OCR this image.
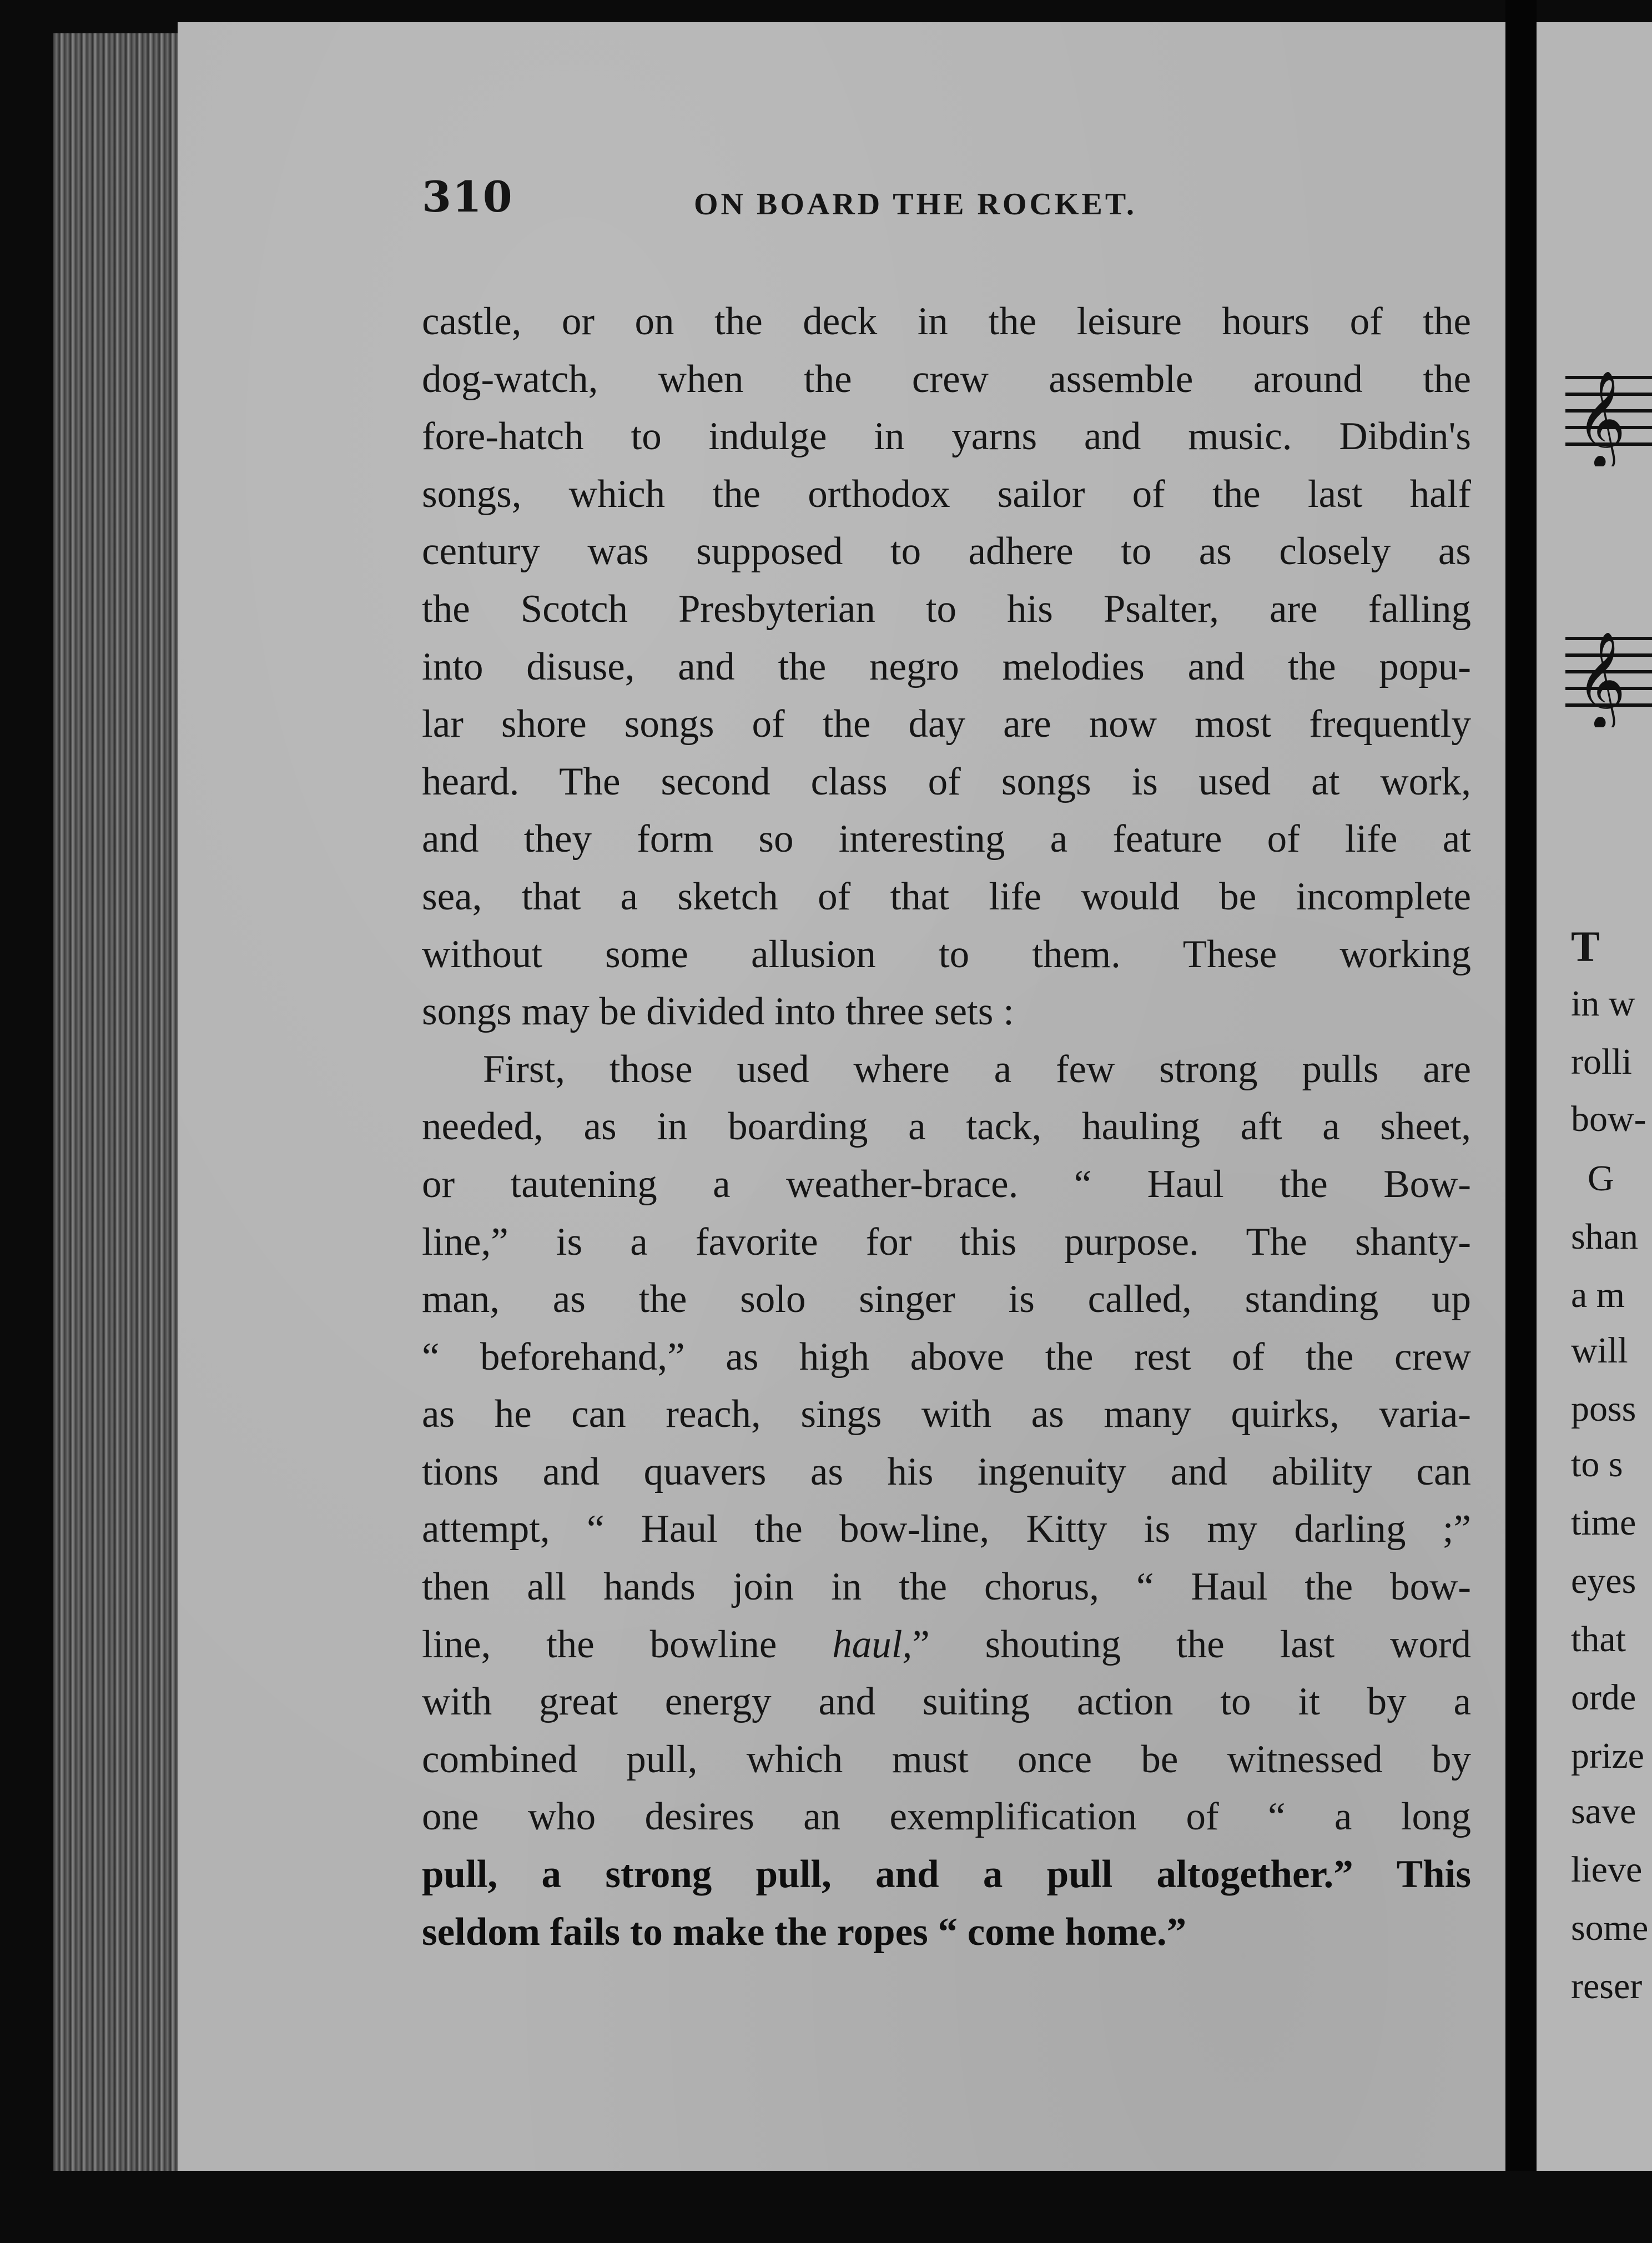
310	ON BOARD THE ROCKET.
castle, or on the deck in the leisure hours of the
dog-watch, when the crew assemble around the
fore-hatch to indulge in yarns and music. Dibdin's
songs, which the orthodox sailor of the last half
century was supposed to adhere to as closely as
the Scotch Presbyterian to his Psalter, are falling
into disuse, and the negro melodies and the popu-
lar shore songs of the day are now most frequently
heard. The second class of songs is used at work,
and they form so interesting a feature of life at
sea, that a sketch of that life would be incomplete
without some allusion to them. These working
songs may be divided into three sets :
First, those used where a few strong pulls are
needed, as in boarding a tack, hauling aft a sheet,
or tautening a weather-brace. “ Haul the Bow-
line,” is a favorite for this purpose. The shanty-
man, as the solo singer is called, standing up
“ beforehand,” as high above the rest of the crew
as he can reach, sings with as many quirks, varia-
tions and quavers as his ingenuity and ability can
attempt, “ Haul the bow-line, Kitty is my darling ;”
then all hands join in the chorus, “ Haul the bow-
line, the bowline haul,” shouting the last word
with great energy and suiting action to it by a
combined pull, which must once be witnessed by
one who desires an exemplification of “ a long
pull, a strong pull, and a pull altogether.” This
seldom fails to make the ropes “ come home.”
𝄞
𝄞
T
in w
rolli
bow-
G
shan
a m
will
poss
to s
time
eyes
that
orde
prize
save
lieve
some
reser
